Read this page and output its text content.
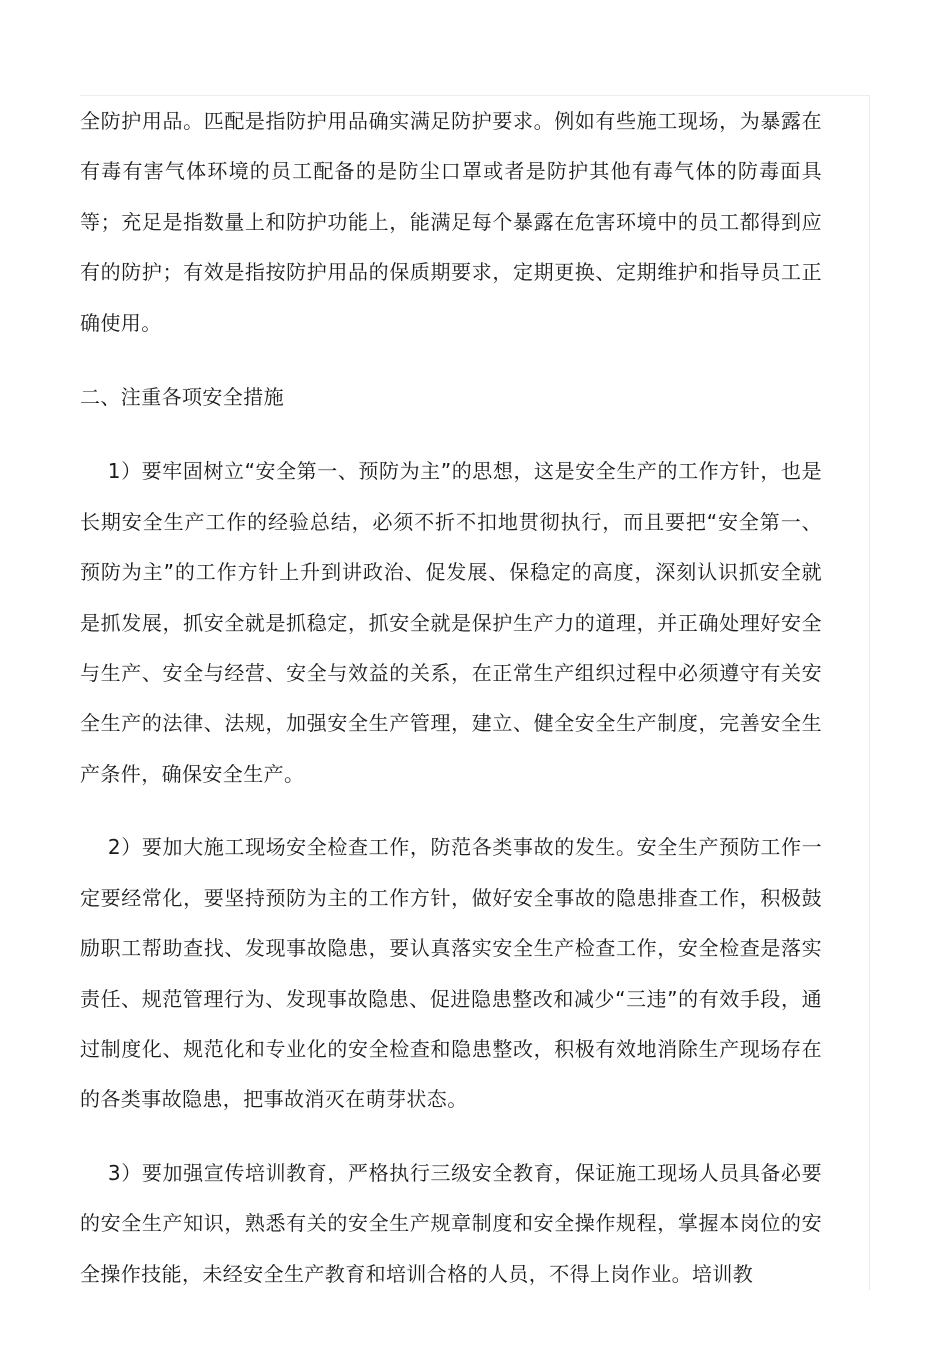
全防护用品。匹配是指防护用品确实满足防护要求。例如有些施工现场，为暴露在有毒有害气体环境的员工配备的是防尘口罩或者是防护其他有毒气体的防毒面具等；充足是指数量上和防护功能上，能满足每个暴露在危害环境中的员工都得到应有的防护；有效是指按防护用品的保质期要求，定期更换、定期维护和指导员工正确使用。

二、注重各项安全措施

1）要牢固树立“安全第一、预防为主”的思想，这是安全生产的工作方针，也是长期安全生产工作的经验总结，必须不折不扣地贯彻执行，而且要把“安全第一、预防为主”的工作方针上升到讲政治、促发展、保稳定的高度，深刻认识抓安全就是抓发展，抓安全就是抓稳定，抓安全就是保护生产力的道理，并正确处理好安全与生产、安全与经营、安全与效益的关系，在正常生产组织过程中必须遵守有关安全生产的法律、法规，加强安全生产管理，建立、健全安全生产制度，完善安全生产条件，确保安全生产。

2）要加大施工现场安全检查工作，防范各类事故的发生。安全生产预防工作一定要经常化，要坚持预防为主的工作方针，做好安全事故的隐患排查工作，积极鼓励职工帮助查找、发现事故隐患，要认真落实安全生产检查工作，安全检查是落实责任、规范管理行为、发现事故隐患、促进隐患整改和减少“三违”的有效手段，通过制度化、规范化和专业化的安全检查和隐患整改，积极有效地消除生产现场存在的各类事故隐患，把事故消灭在萌芽状态。

3）要加强宣传培训教育，严格执行三级安全教育，保证施工现场人员具备必要的安全生产知识，熟悉有关的安全生产规章制度和安全操作规程，掌握本岗位的安全操作技能，未经安全生产教育和培训合格的人员，不得上岗作业。培训教
